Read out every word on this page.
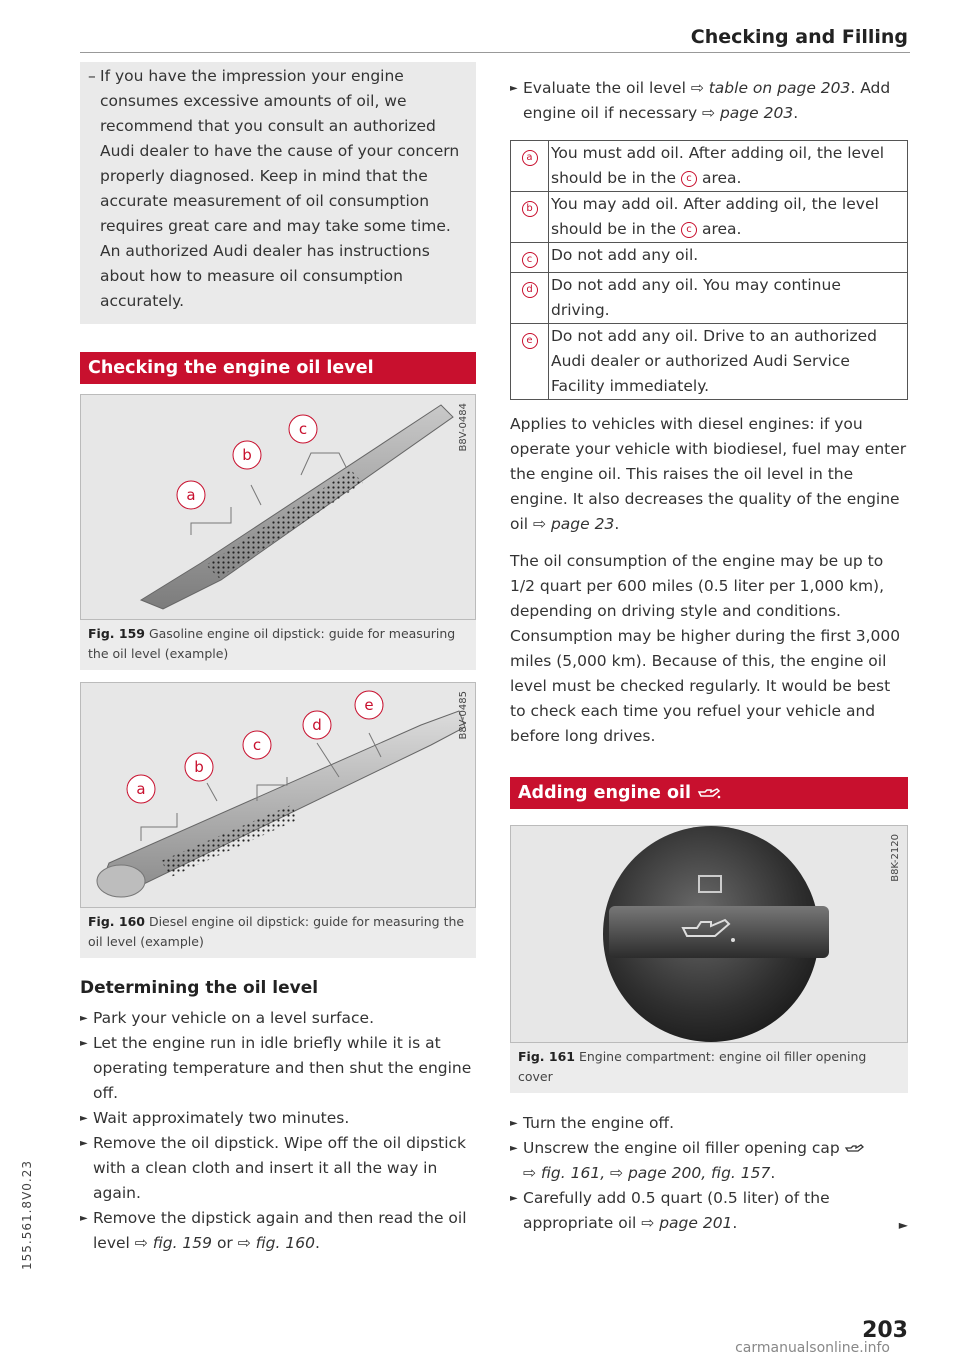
Checking and Filling
155.561.8V0.23
– If you have the impression your engine consumes excessive amounts of oil, we recommend that you consult an authorized Audi dealer to have the cause of your concern properly diagnosed. Keep in mind that the accurate measurement of oil consumption requires great care and may take some time. An authorized Audi dealer has instructions about how to measure oil consumption accurately.
Checking the engine oil level
a
b
c	B8V-0484
Fig. 159 Gasoline engine oil dipstick: guide for measuring the oil level (example)
a
b
c
d
e	B8V-0485
Fig. 160 Diesel engine oil dipstick: guide for measuring the oil level (example)
Determining the oil level
► Park your vehicle on a level surface.
► Let the engine run in idle briefly while it is at operating temperature and then shut the engine off.
► Wait approximately two minutes.
► Remove the oil dipstick. Wipe off the oil dipstick with a clean cloth and insert it all the way in again.
► Remove the dipstick again and then read the oil level ⇨ fig. 159 or ⇨ fig. 160.
► Evaluate the oil level ⇨ table on page 203. Add engine oil if necessary ⇨ page 203.
a	You must add oil. After adding oil, the level should be in the c area.
b	You may add oil. After adding oil, the level should be in the c area.
c	Do not add any oil.
d	Do not add any oil. You may continue driving.
e	Do not add any oil. Drive to an authorized Audi dealer or authorized Audi Service Facility immediately.
Applies to vehicles with diesel engines: if you operate your vehicle with biodiesel, fuel may enter the engine oil. This raises the oil level in the engine. It also decreases the quality of the engine oil ⇨ page 23.
The oil consumption of the engine may be up to 1/2 quart per 600 miles (0.5 liter per 1,000 km), depending on driving style and conditions. Consumption may be higher during the first 3,000 miles (5,000 km). Because of this, the engine oil level must be checked regularly. It would be best to check each time you refuel your vehicle and before long drives.
Adding engine oil
B8K-2120
Fig. 161 Engine compartment: engine oil filler opening cover
► Turn the engine off.
► Unscrew the engine oil filler opening cap
⇨ fig. 161, ⇨ page 200, fig. 157.
► Carefully add 0.5 quart (0.5 liter) of the appropriate oil ⇨ page 201.	►
203
carmanualsonline.info
